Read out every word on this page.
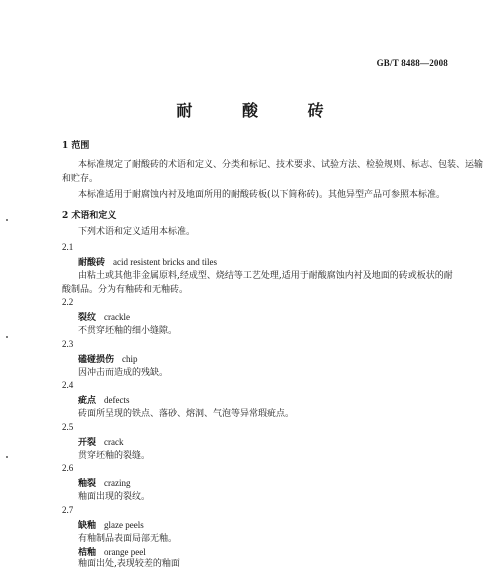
GB/T 8488—2008
耐 酸 砖
1 范围
本标准规定了耐酸砖的术语和定义、分类和标记、技术要求、试验方法、检验规则、标志、包装、运输
和贮存。
本标准适用于耐腐蚀内衬及地面所用的耐酸砖板(以下简称砖)。其他异型产品可参照本标准。
2 术语和定义
下列术语和定义适用本标准。
2.1
耐酸砖 acid resistent bricks and tiles
由粘土或其他非金属原料,经成型、烧结等工艺处理,适用于耐酸腐蚀内衬及地面的砖或板状的耐
酸制品。分为有釉砖和无釉砖。
2.2
裂纹 crackle
不贯穿坯釉的细小缝隙。
2.3
磕碰损伤 chip
因冲击而造成的残缺。
2.4
疵点 defects
砖面所呈现的铁点、落砂、熔洞、气泡等异常瑕疵点。
2.5
开裂 crack
贯穿坯釉的裂缝。
2.6
釉裂 crazing
釉面出现的裂纹。
2.7
缺釉 glaze peels
有釉制品表面局部无釉。
桔釉 orange peel
釉面出处,表现较差的釉面
